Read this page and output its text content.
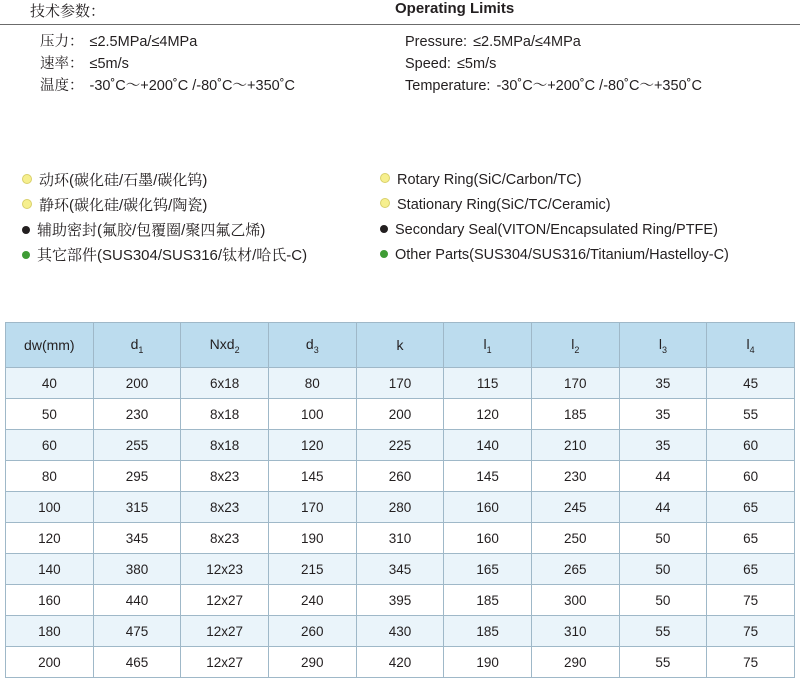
技术参数：	Operating Limits
压力： ≤2.5MPa/≤4MPa
速率： ≤5m/s
温度： -30˚C～+200˚C /-80˚C～+350˚C
Pressure: ≤2.5MPa/≤4MPa
Speed: ≤5m/s
Temperature: -30˚C～+200˚C /-80˚C～+350˚C
动环(碳化硅/石墨/碳化钨)
静环(碳化硅/碳化钨/陶瓷)
辅助密封(氟胶/包覆圈/聚四氟乙烯)
其它部件(SUS304/SUS316/钛材/哈氏-C)
Rotary Ring(SiC/Carbon/TC)
Stationary Ring(SiC/TC/Ceramic)
Secondary Seal(VITON/Encapsulated Ring/PTFE)
Other Parts(SUS304/SUS316/Titanium/Hastelloy-C)
dw(mm)	$d_1$	Nxd$_2$	$d_3$	k	$l_1$	$l_2$	$l_3$	$l_4$
40	200	6x18	80	170	115	170	35	45
50	230	8x18	100	200	120	185	35	55
60	255	8x18	120	225	140	210	35	60
80	295	8x23	145	260	145	230	44	60
100	315	8x23	170	280	160	245	44	65
120	345	8x23	190	310	160	250	50	65
140	380	12x23	215	345	165	265	50	65
160	440	12x27	240	395	185	300	50	75
180	475	12x27	260	430	185	310	55	75
200	465	12x27	290	420	190	290	55	75
